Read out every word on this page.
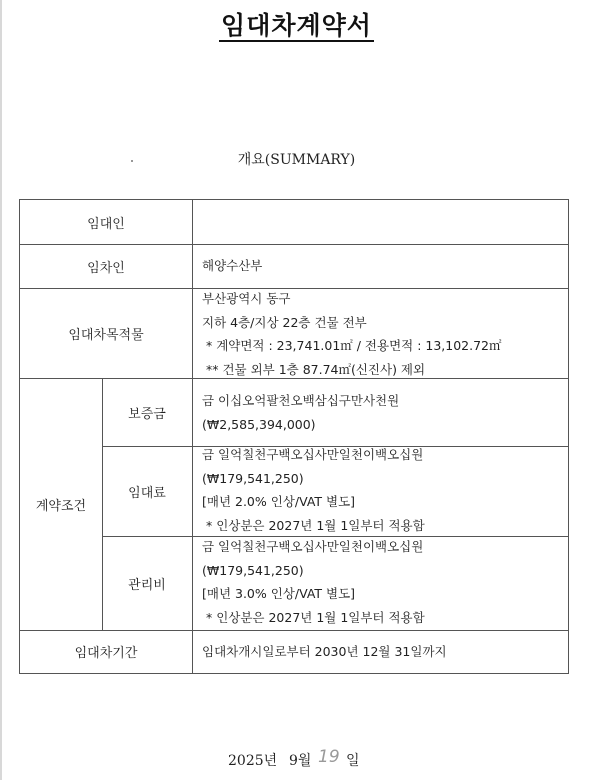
임대차계약서
개요(SUMMARY)
임대인
임차인	해양수산부
임대차목적물
부산광역시 동구
지하 4층/지상 22층 건물 전부
* 계약면적 : 23,741.01㎡ / 전용면적 : 13,102.72㎡
** 건물 외부 1층 87.74㎡(신진사) 제외
계약조건
보증금
금 이십오억팔천오백삼십구만사천원
(₩2,585,394,000)
임대료
금 일억칠천구백오십사만일천이백오십원
(₩179,541,250)
[매년 2.0% 인상/VAT 별도]
* 인상분은 2027년 1월 1일부터 적용함
관리비
금 일억칠천구백오십사만일천이백오십원
(₩179,541,250)
[매년 3.0% 인상/VAT 별도]
* 인상분은 2027년 1월 1일부터 적용함
임대차기간	임대차개시일로부터 2030년 12월 31일까지
2025년 9월 19 일
